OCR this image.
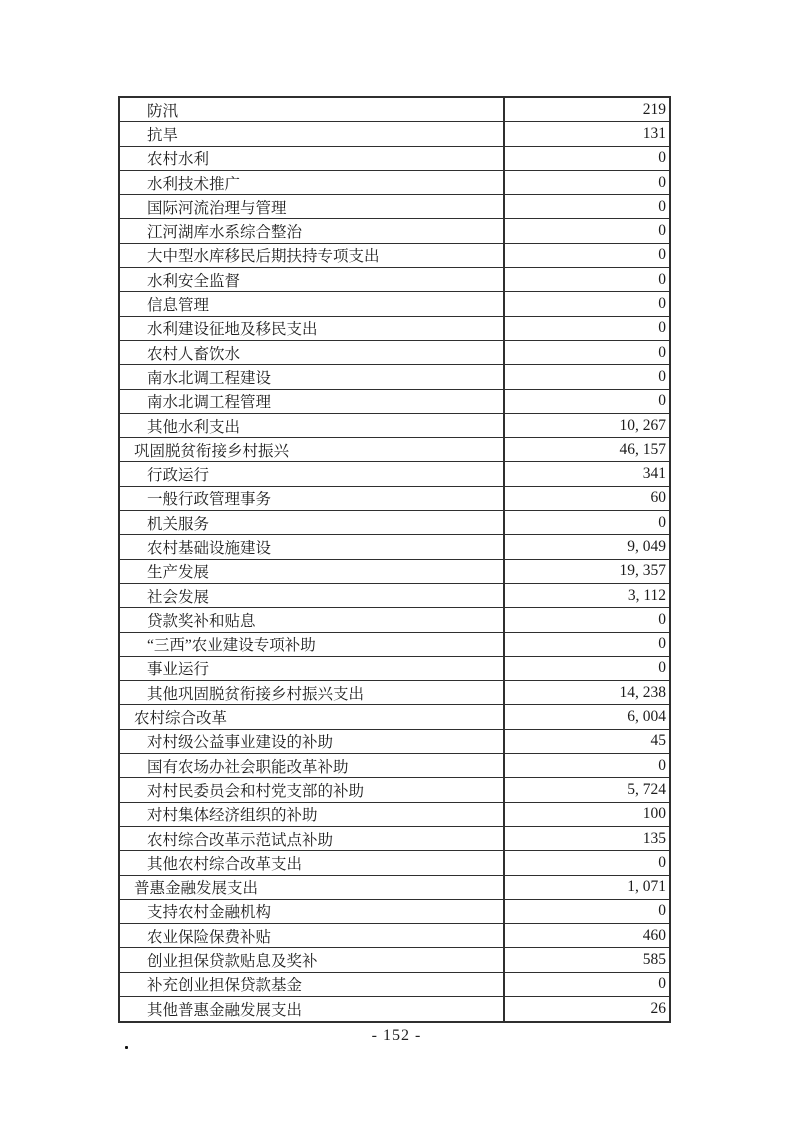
防汛	219
抗旱	131
农村水利	0
水利技术推广	0
国际河流治理与管理	0
江河湖库水系综合整治	0
大中型水库移民后期扶持专项支出	0
水利安全监督	0
信息管理	0
水利建设征地及移民支出	0
农村人畜饮水	0
南水北调工程建设	0
南水北调工程管理	0
其他水利支出	10, 267
巩固脱贫衔接乡村振兴	46, 157
行政运行	341
一般行政管理事务	60
机关服务	0
农村基础设施建设	9, 049
生产发展	19, 357
社会发展	3, 112
贷款奖补和贴息	0
“三西”农业建设专项补助	0
事业运行	0
其他巩固脱贫衔接乡村振兴支出	14, 238
农村综合改革	6, 004
对村级公益事业建设的补助	45
国有农场办社会职能改革补助	0
对村民委员会和村党支部的补助	5, 724
对村集体经济组织的补助	100
农村综合改革示范试点补助	135
其他农村综合改革支出	0
普惠金融发展支出	1, 071
支持农村金融机构	0
农业保险保费补贴	460
创业担保贷款贴息及奖补	585
补充创业担保贷款基金	0
其他普惠金融发展支出	26
- 152 -
